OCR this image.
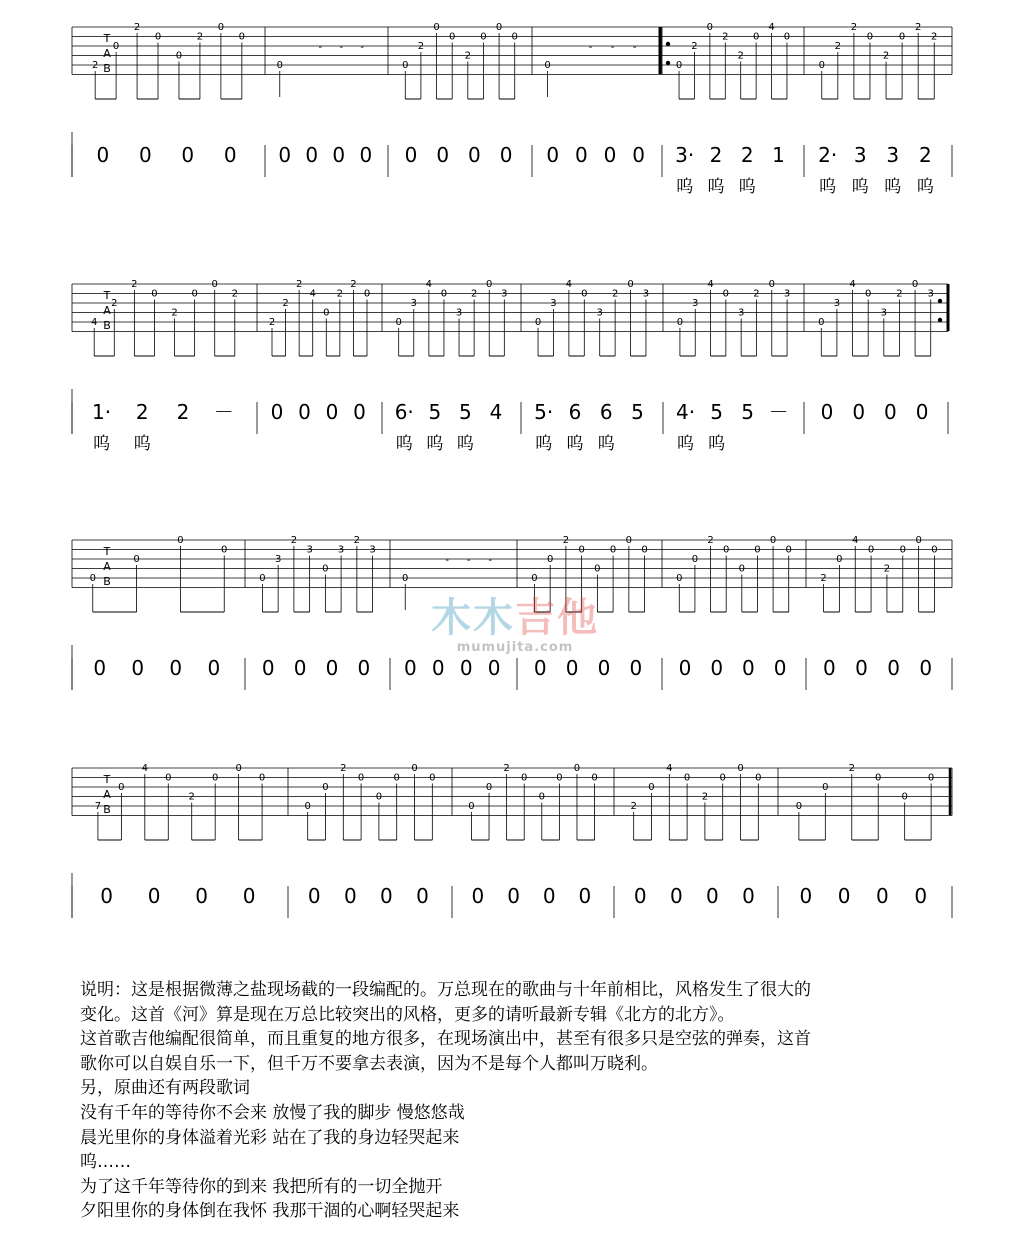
T
A
B
2
0
2
0
0
2
0
0
0 0 0 0
0
- - -
0 0 0 0
0
2
0
0
2
0
0
0
0 0 0 0
0
- - -
0 0 0 0
0
2
0
2
2
0
4
0
3· 2 2 1
呜 呜 呜
0
2
2
0
2
0
2
2
2· 3 3 2
呜 呜 呜 呜
T
A
B
4
2
2
0
2
0
0
2
1· 2 2 －
呜 呜
2
2
2
4
0
2
2
0
0 0 0 0
0
3
4
0
3
2
0
3
6· 5 5 4
呜 呜 呜
0
3
4
0
3
2
0
3
5· 6 6 5
呜 呜 呜
0
3
4
0
3
2
0
3
4· 5 5 －
呜 呜
0
3
4
0
3
2
0
3
0 0 0 0
T
A
B
0
0
0
0
0 0 0 0
0
3
2
3
0
3
2
3
0 0 0 0
0
- - -
0 0 0 0
0
0
2
0
0
0
0
0
0 0 0 0
0
0
2
0
0
0
0
0
0 0 0 0
2
0
4
0
2
0
0
0
0 0 0 0
T
A
B
7
0
4
0
2
0
0
0
0 0 0 0
0
0
2
0
0
0
0
0
0 0 0 0
0
0
2
0
0
0
0
0
0 0 0 0
2
0
4
0
2
0
0
0
0 0 0 0
0
0
2
0
0
0
0 0 0 0
木木吉他
mumujita.com

说明：这是根据微薄之盐现场截的一段编配的。万总现在的歌曲与十年前相比，风格发生了很大的

变化。这首《河》算是现在万总比较突出的风格，更多的请听最新专辑《北方的北方》。

这首歌吉他编配很简单，而且重复的地方很多，在现场演出中，甚至有很多只是空弦的弹奏，这首

歌你可以自娱自乐一下，但千万不要拿去表演，因为不是每个人都叫万晓利。

另，原曲还有两段歌词

没有千年的等待你不会来 放慢了我的脚步 慢悠悠哉

晨光里你的身体溢着光彩 站在了我的身边轻哭起来

呜……

为了这千年等待你的到来 我把所有的一切全抛开

夕阳里你的身体倒在我怀 我那干涸的心啊轻哭起来
